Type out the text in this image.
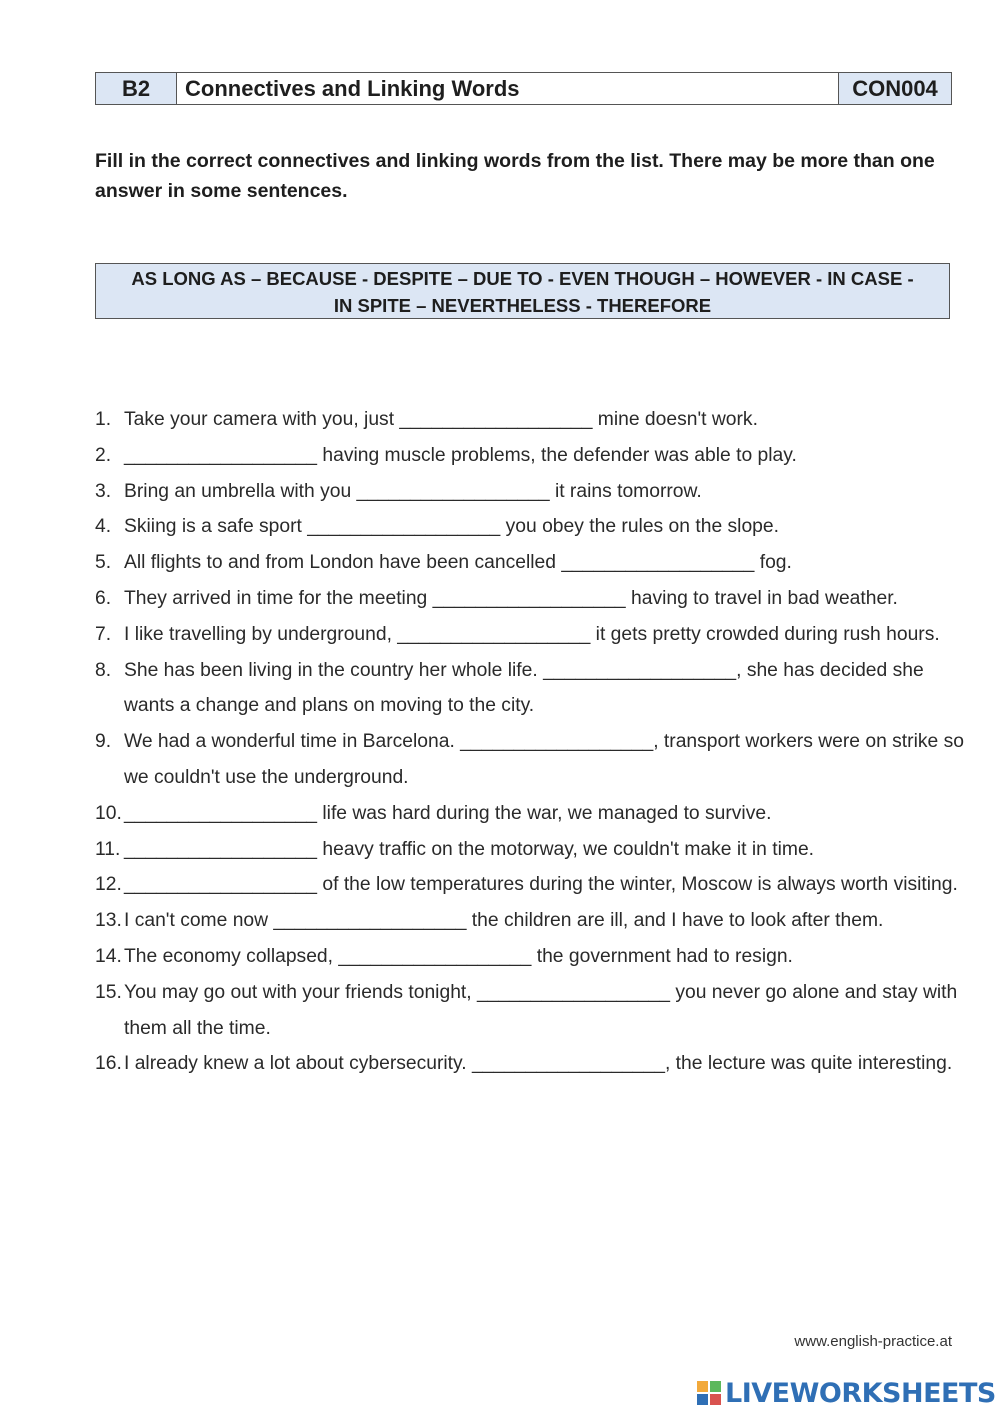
B2	Connectives and Linking Words	CON004
Fill in the correct connectives and linking words from the list. There may be more than one answer in some sentences.
AS LONG AS – BECAUSE - DESPITE – DUE TO - EVEN THOUGH – HOWEVER - IN CASE -
IN SPITE – NEVERTHELESS - THEREFORE
1. Take your camera with you, just __________________ mine doesn't work.
2. __________________ having muscle problems, the defender was able to play.
3. Bring an umbrella with you __________________ it rains tomorrow.
4. Skiing is a safe sport __________________ you obey the rules on the slope.
5. All flights to and from London have been cancelled __________________ fog.
6. They arrived in time for the meeting __________________ having to travel in bad weather.
7. I like travelling by underground, __________________ it gets pretty crowded during rush hours.
8. She has been living in the country her whole life. __________________, she has decided she wants a change and plans on moving to the city.
9. We had a wonderful time in Barcelona. __________________, transport workers were on strike so we couldn't use the underground.
10. __________________ life was hard during the war, we managed to survive.
11. __________________ heavy traffic on the motorway, we couldn't make it in time.
12. __________________ of the low temperatures during the winter, Moscow is always worth visiting.
13. I can't come now __________________ the children are ill, and I have to look after them.
14. The economy collapsed, __________________ the government had to resign.
15. You may go out with your friends tonight, __________________ you never go alone and stay with them all the time.
16. I already knew a lot about cybersecurity. __________________, the lecture was quite interesting.
www.english-practice.at
LIVEWORKSHEETS
